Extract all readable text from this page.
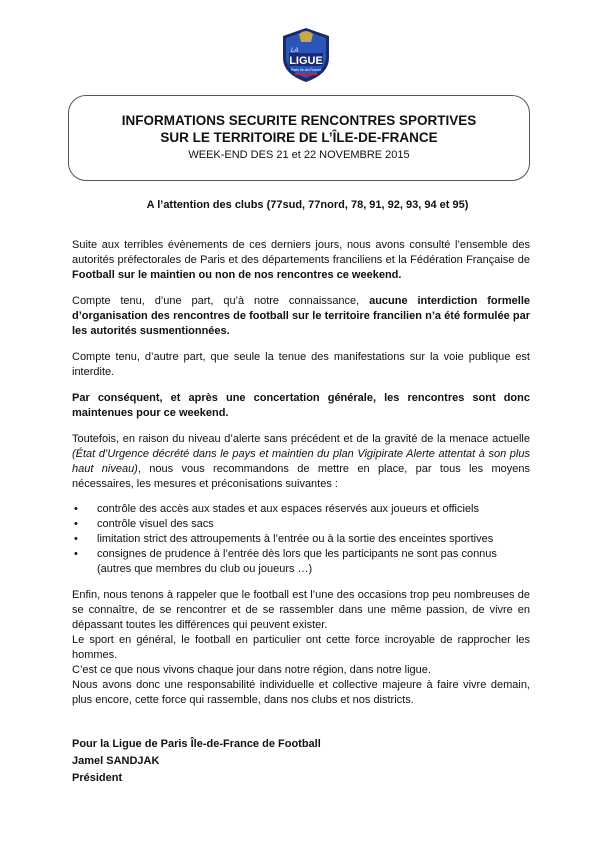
LA
LIGUE
Paris Ile-de-France
INFORMATIONS SECURITE RENCONTRES SPORTIVES
SUR LE TERRITOIRE DE L’ÎLE-DE-FRANCE
WEEK-END DES 21 et 22 NOVEMBRE 2015
A l’attention des clubs (77sud, 77nord, 78, 91, 92, 93, 94 et 95)

Suite aux terribles évènements de ces derniers jours, nous avons consulté l’ensemble des autorités préfectorales de Paris et des départements franciliens et la Fédération Française de Football sur le maintien ou non de nos rencontres ce weekend.

Compte tenu, d’une part, qu’à notre connaissance, aucune interdiction formelle d’organisation des rencontres de football sur le territoire francilien n’a été formulée par les autorités susmentionnées.

Compte tenu, d’autre part, que seule la tenue des manifestations sur la voie publique est interdite.

Par conséquent, et après une concertation générale, les rencontres sont donc maintenues pour ce weekend.

Toutefois, en raison du niveau d’alerte sans précédent et de la gravité de la menace actuelle (État d’Urgence décrété dans le pays et maintien du plan Vigipirate Alerte attentat à son plus haut niveau), nous vous recommandons de mettre en place, par tous les moyens nécessaires, les mesures et préconisations suivantes :

• contrôle des accès aux stades et aux espaces réservés aux joueurs et officiels
• contrôle visuel des sacs
• limitation strict des attroupements à l’entrée ou à la sortie des enceintes sportives
• consignes de prudence à l’entrée dès lors que les participants ne sont pas connus (autres que membres du club ou joueurs …)

Enfin, nous tenons à rappeler que le football est l’une des occasions trop peu nombreuses de se connaître, de se rencontrer et de se rassembler dans une même passion, de vivre en dépassant toutes les différences qui peuvent exister.

Le sport en général, le football en particulier ont cette force incroyable de rapprocher les hommes.

C’est ce que nous vivons chaque jour dans notre région, dans notre ligue.

Nous avons donc une responsabilité individuelle et collective majeure à faire vivre demain, plus encore, cette force qui rassemble, dans nos clubs et nos districts.

Pour la Ligue de Paris Île-de-France de Football
Jamel SANDJAK
Président
